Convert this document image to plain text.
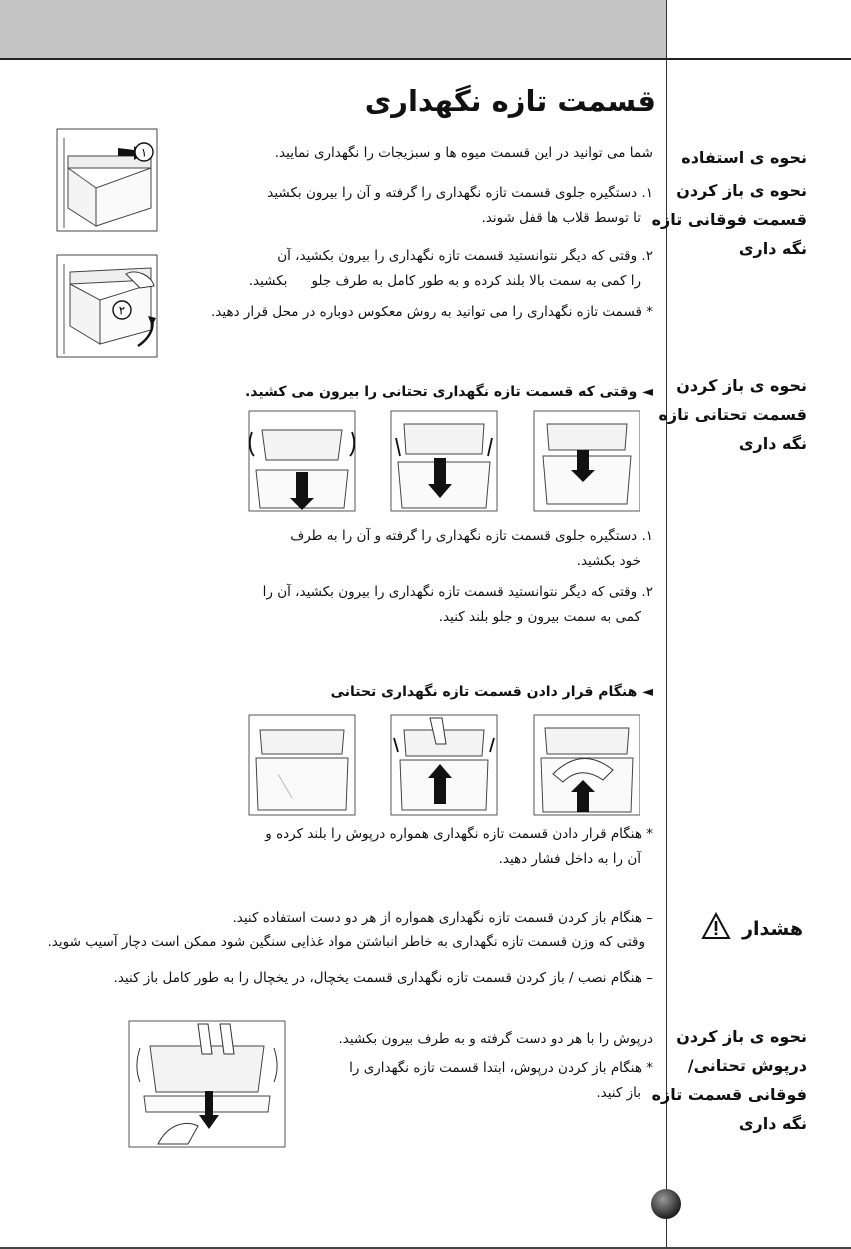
قسمت تازه نگهداری
نحوه ی استفاده
نحوه ی باز کردن
قسمت فوقانی تازه
نگه داری
نحوه ی باز کردن
قسمت تحتانی تازه
نگه داری
هشدار
نحوه ی باز کردن
درپوش تحتانی/
فوقانی قسمت تازه
نگه داری
شما می توانید در این قسمت میوه ها و سبزیجات را نگهداری نمایید.
۱. دستگیره جلوی قسمت تازه نگهداری را گرفته و آن را بیرون بکشید
تا توسط قلاب ها قفل شوند.
۲. وقتی که دیگر نتوانستید قسمت تازه نگهداری را بیرون بکشید، آن
را کمی به سمت بالا بلند کرده و به طور کامل به طرف جلوبکشید.
* قسمت تازه نگهداری را می توانید به روش معکوس دوباره در محل قرار دهید.
١
٢
◄ وقتی که قسمت تازه نگهداری تحتانی را بیرون می کشید.
۱. دستگیره جلوی قسمت تازه نگهداری را گرفته و آن را به طرف
خود بکشید.
۲. وقتی که دیگر نتوانستید قسمت تازه نگهداری را بیرون بکشید، آن را
کمی به سمت بیرون و جلو بلند کنید.
◄ هنگام قرار دادن قسمت تازه نگهداری تحتانی
* هنگام قرار دادن قسمت تازه نگهداری همواره درپوش را بلند کرده و
آن را به داخل فشار دهید.
– هنگام باز کردن قسمت تازه نگهداری همواره از هر دو دست استفاده کنید.
وقتی که وزن قسمت تازه نگهداری به خاطر انباشتن مواد غذایی سنگین شود ممکن است دچار آسیب شوید.
– هنگام نصب / باز کردن قسمت تازه نگهداری قسمت یخچال، در یخچال را به طور کامل باز کنید.
درپوش را با هر دو دست گرفته و به طرف بیرون بکشید.
* هنگام باز کردن درپوش، ابتدا قسمت تازه نگهداری را
باز کنید.
